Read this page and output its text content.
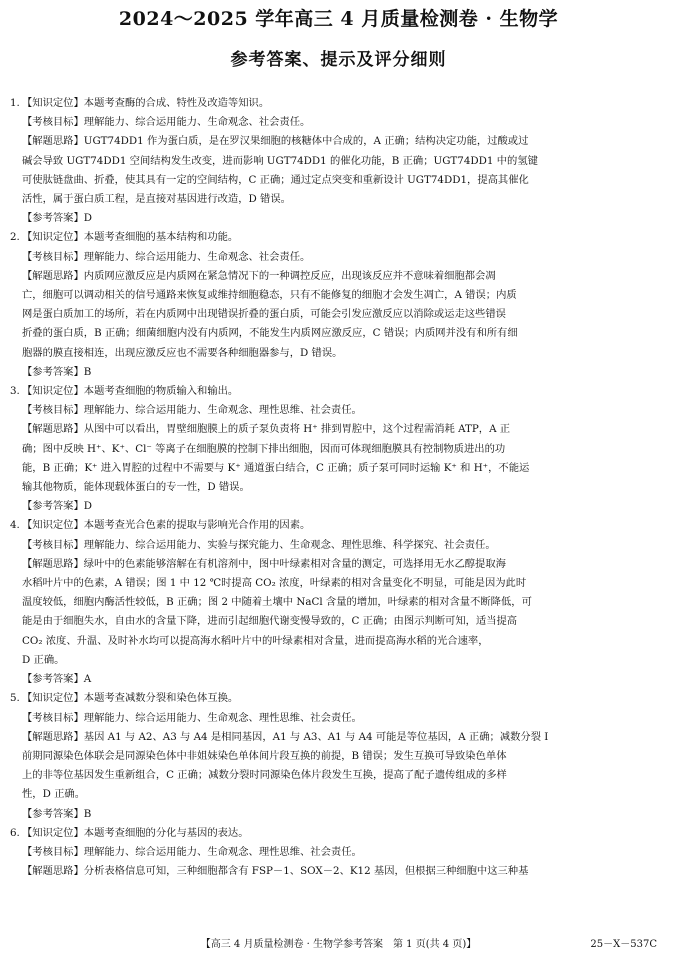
2024～2025 学年高三 4 月质量检测卷 · 生物学
参考答案、提示及评分细则
1. 【知识定位】本题考查酶的合成、特性及改造等知识。
【考核目标】理解能力、综合运用能力、生命观念、社会责任。
【解题思路】UGT74DD1 作为蛋白质，是在罗汉果细胞的核糖体中合成的，A 正确；结构决定功能，过酸或过
碱会导致 UGT74DD1 空间结构发生改变，进而影响 UGT74DD1 的催化功能，B 正确；UGT74DD1 中的氢键
可使肽链盘曲、折叠，使其具有一定的空间结构，C 正确；通过定点突变和重新设计 UGT74DD1，提高其催化
活性，属于蛋白质工程，是直接对基因进行改造，D 错误。
【参考答案】D
2. 【知识定位】本题考查细胞的基本结构和功能。
【考核目标】理解能力、综合运用能力、生命观念、社会责任。
【解题思路】内质网应激反应是内质网在紧急情况下的一种调控反应，出现该反应并不意味着细胞都会凋
亡，细胞可以调动相关的信号通路来恢复或维持细胞稳态，只有不能修复的细胞才会发生凋亡，A 错误；内质
网是蛋白质加工的场所，若在内质网中出现错误折叠的蛋白质，可能会引发应激反应以消除或运走这些错误
折叠的蛋白质，B 正确；细菌细胞内没有内质网，不能发生内质网应激反应，C 错误；内质网并没有和所有细
胞器的膜直接相连，出现应激反应也不需要各种细胞器参与，D 错误。
【参考答案】B
3. 【知识定位】本题考查细胞的物质输入和输出。
【考核目标】理解能力、综合运用能力、生命观念、理性思维、社会责任。
【解题思路】从图中可以看出，胃壁细胞膜上的质子泵负责将 H⁺ 排到胃腔中，这个过程需消耗 ATP，A 正
确；图中反映 H⁺、K⁺、Cl⁻ 等离子在细胞膜的控制下排出细胞，因而可体现细胞膜具有控制物质进出的功
能，B 正确；K⁺ 进入胃腔的过程中不需要与 K⁺ 通道蛋白结合，C 正确；质子泵可同时运输 K⁺ 和 H⁺，不能运
输其他物质，能体现载体蛋白的专一性，D 错误。
【参考答案】D
4. 【知识定位】本题考查光合色素的提取与影响光合作用的因素。
【考核目标】理解能力、综合运用能力、实验与探究能力、生命观念、理性思维、科学探究、社会责任。
【解题思路】绿叶中的色素能够溶解在有机溶剂中，图中叶绿素相对含量的测定，可选择用无水乙醇提取海
水稻叶片中的色素，A 错误；图 1 中 12 ℃时提高 CO₂ 浓度，叶绿素的相对含量变化不明显，可能是因为此时
温度较低，细胞内酶活性较低，B 正确；图 2 中随着土壤中 NaCl 含量的增加，叶绿素的相对含量不断降低，可
能是由于细胞失水，自由水的含量下降，进而引起细胞代谢变慢导致的，C 正确；由图示判断可知，适当提高
CO₂ 浓度、升温、及时补水均可以提高海水稻叶片中的叶绿素相对含量，进而提高海水稻的光合速率，
D 正确。
【参考答案】A
5. 【知识定位】本题考查减数分裂和染色体互换。
【考核目标】理解能力、综合运用能力、生命观念、理性思维、社会责任。
【解题思路】基因 A1 与 A2、A3 与 A4 是相同基因，A1 与 A3、A1 与 A4 可能是等位基因，A 正确；减数分裂 Ⅰ
前期同源染色体联会是同源染色体中非姐妹染色单体间片段互换的前提，B 错误；发生互换可导致染色单体
上的非等位基因发生重新组合，C 正确；减数分裂时同源染色体片段发生互换，提高了配子遗传组成的多样
性，D 正确。
【参考答案】B
6. 【知识定位】本题考查细胞的分化与基因的表达。
【考核目标】理解能力、综合运用能力、生命观念、理性思维、社会责任。
【解题思路】分析表格信息可知，三种细胞都含有 FSP－1、SOX－2、K12 基因，但根据三种细胞中这三种基
【高三 4 月质量检测卷 · 生物学参考答案　第 1 页(共 4 页)】	25－X－537C
